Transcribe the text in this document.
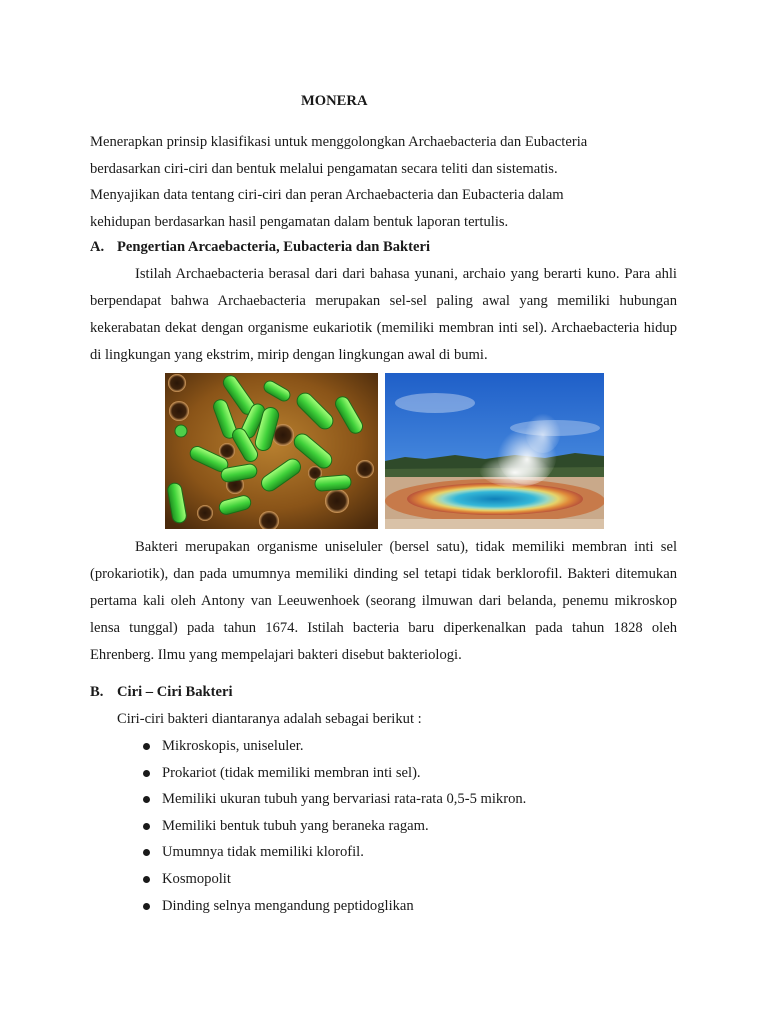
MONERA
Menerapkan prinsip klasifikasi untuk menggolongkan Archaebacteria dan Eubacteria
berdasarkan ciri-ciri dan bentuk melalui pengamatan secara teliti dan sistematis.
Menyajikan data tentang ciri-ciri dan peran Archaebacteria dan Eubacteria dalam
kehidupan berdasarkan hasil pengamatan dalam bentuk laporan tertulis.
A. Pengertian Arcaebacteria, Eubacteria dan Bakteri

Istilah Archaebacteria berasal dari dari bahasa yunani, archaio yang berarti kuno. Para ahli berpendapat bahwa Archaebacteria merupakan sel-sel paling awal yang memiliki hubungan kekerabatan dekat dengan organisme eukariotik (memiliki membran inti sel). Archaebacteria hidup di lingkungan yang ekstrim, mirip dengan lingkungan awal di bumi.

Bakteri merupakan organisme uniseluler (bersel satu), tidak memiliki membran inti sel (prokariotik), dan pada umumnya memiliki dinding sel tetapi tidak berklorofil. Bakteri ditemukan pertama kali oleh Antony van Leeuwenhoek (seorang ilmuwan dari belanda, penemu mikroskop lensa tunggal) pada tahun 1674. Istilah bacteria baru diperkenalkan pada tahun 1828 oleh Ehrenberg. Ilmu yang mempelajari bakteri disebut bakteriologi.

B. Ciri – Ciri Bakteri
Ciri-ciri bakteri diantaranya adalah sebagai berikut :
Mikroskopis, uniseluler.
Prokariot (tidak memiliki membran inti sel).
Memiliki ukuran tubuh yang bervariasi rata-rata 0,5-5 mikron.
Memiliki bentuk tubuh yang beraneka ragam.
Umumnya tidak memiliki klorofil.
Kosmopolit
Dinding selnya mengandung peptidoglikan
